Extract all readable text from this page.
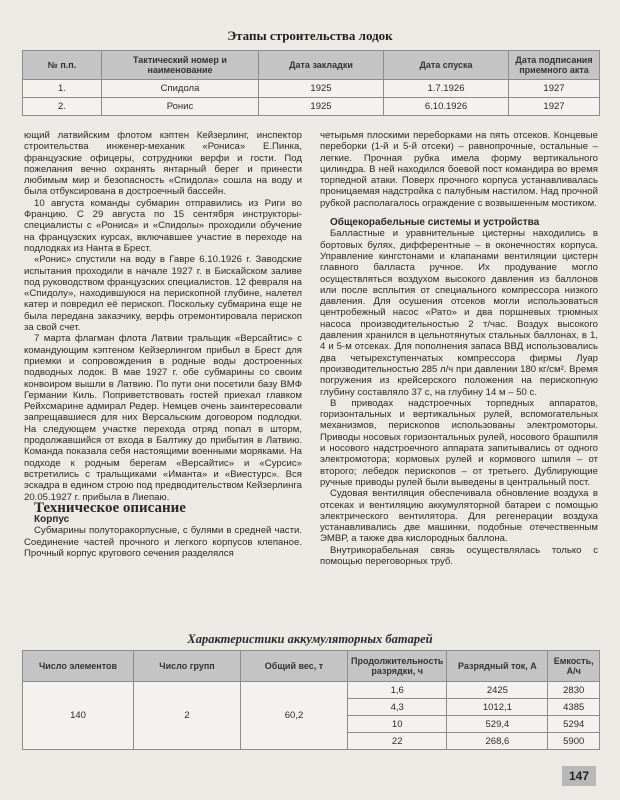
Этапы строительства лодок
№ п.п.	Тактический номер и наименование	Дата закладки	Дата спуска	Дата подписания приемного акта
1.	Спидола	1925	1.7.1926	1927
2.	Ронис	1925	6.10.1926	1927

ющий латвийским флотом кэптен Кейзерлинг, инспектор строительства инженер-механик «Рониса» Е.Пинка, французские офицеры, сотрудники верфи и гости. Под пожелания вечно охранять янтарный берег и принести любимым мир и безопасность «Спидола» сошла на воду и была отбуксирована в достроечный бассейн.

10 августа команды субмарин отправились из Риги во Францию. С 29 августа по 15 сентября инструкторы-специалисты с «Рониса» и «Спидолы» проходили обучение на французских курсах, включавшее участие в переходе на подлодках из Нанта в Брест.

«Ронис» спустили на воду в Гавре 6.10.1926 г. Заводские испытания проходили в начале 1927 г. в Бискайском заливе под руководством французских специалистов. 12 февраля на «Спидолу», находившуюся на перископной глубине, налетел катер и повредил её перископ. Поскольку субмарина еще не была передана заказчику, верфь отремонтировала перископ за свой счет.

7 марта флагман флота Латвии тральщик «Версайтис» с командующим кэптеном Кейзерлингом прибыл в Брест для приемки и сопровождения в родные воды достроенных подводных лодок. В мае 1927 г. обе субмарины со своим конвоиром вышли в Латвию. По пути они посетили базу ВМФ Германии Киль. Поприветствовать гостей приехал главком Рейхсмарине адмирал Редер. Немцев очень заинтересовали запрещавшиеся для них Версальским договором подлодки. На следующем участке перехода отряд попал в шторм, продолжавшийся от входа в Балтику до прибытия в Латвию. Команда показала себя настоящими военными моряками. На подходе к родным берегам «Версайтис» и «Сурсис» встретились с тральщиками «Иманта» и «Виестурс». Вся эскадра в едином строю под предводительством Кейзерлинга 20.05.1927 г. прибыла в Лиепаю.

Техническое описание

Корпус

Субмарины полуторакорпусные, с булями в средней части. Соединение частей прочного и легкого корпусов клепаное. Прочный корпус кругового сечения разделялся

четырьмя плоскими переборками на пять отсеков. Концевые переборки (1-й и 5-й отсеки) – равнопрочные, остальные – легкие. Прочная рубка имела форму вертикального цилиндра. В ней находился боевой пост командира во время торпедной атаки. Поверх прочного корпуса устанавливалась проницаемая надстройка с палубным настилом. Над прочной рубкой располагалось ограждение с возвышенным мостиком.

Общекорабельные системы и устройства

Балластные и уравнительные цистерны находились в бортовых булях, дифферентные – в оконечностях корпуса. Управление кингстонами и клапанами вентиляции цистерн главного балласта ручное. Их продувание могло осуществляться воздухом высокого давления из баллонов или после всплытия от специального компрессора низкого давления. Для осушения отсеков могли использоваться центробежный насос «Рато» и два поршневых трюмных насоса производительностью 2 т/час. Воздух высокого давления хранился в цельнотянутых стальных баллонах, в 1, 4 и 5-м отсеках. Для пополнения запаса ВВД использовались два четырехступенчатых компрессора фирмы Луар производительностью 285 л/ч при давлении 180 кг/см². Время погружения из крейсерского положения на перископную глубину составляло 37 с, на глубину 14 м – 50 с.

В приводах надстроечных торпедных аппаратов, горизонтальных и вертикальных рулей, вспомогательных механизмов, перископов использованы электромоторы. Приводы носовых горизонтальных рулей, носового брашпиля и носового надстроечного аппарата запитывались от одного электромотора; кормовых рулей и кормового шпиля – от второго; лебедок перископов – от третьего. Дублирующие ручные приводы рулей были выведены в центральный пост.

Судовая вентиляция обеспечивала обновление воздуха в отсеках и вентиляцию аккумуляторной батареи с помощью электрического вентилятора. Для регенерации воздуха устанавливались две машинки, подобные отечественным ЭМВР, а также два кислородных баллона.

Внутрикорабельная связь осуществлялась только с помощью переговорных труб.

Характеристики аккумуляторных батарей
Число элементов	Число групп	Общий вес, т	Продолжительность разрядки, ч	Разрядный ток, А	Емкость, А/ч
140	2	60,2	1,6	2425	2830
			4,3	1012,1	4385
			10	529,4	5294
			22	268,6	5900
147
